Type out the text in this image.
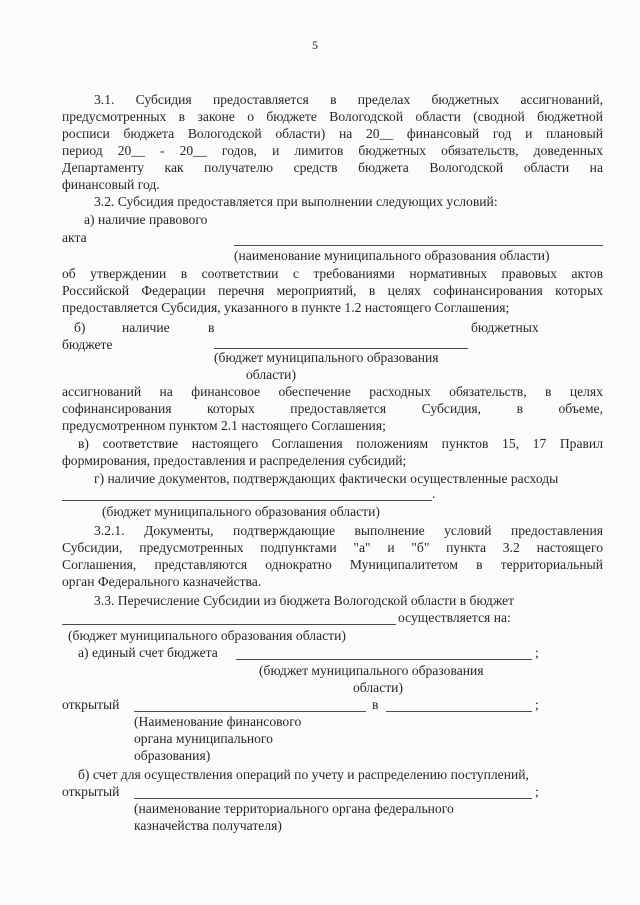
5
3.1. Субсидия предоставляется в пределах бюджетных ассигнований,
предусмотренных в законе о бюджете Вологодской области (сводной бюджетной
росписи бюджета Вологодской области) на 20__ финансовый год и плановый
период 20__ - 20__ годов, и лимитов бюджетных обязательств, доведенных
Департаменту как получателю средств бюджета Вологодской области на
финансовый год.
3.2. Субсидия предоставляется при выполнении следующих условий:
а) наличие правового
акта
(наименование муниципального образования области)
об утверждении в соответствии с требованиями нормативных правовых актов
Российской Федерации перечня мероприятий, в целях софинансирования которых
предоставляется Субсидия, указанного в пункте 1.2 настоящего Соглашения;
б)	наличие	в	бюджетных
бюджете
(бюджет муниципального образования
области)
ассигнований на финансовое обеспечение расходных обязательств, в целях
софинансирования которых предоставляется Субсидия, в объеме,
предусмотренном пунктом 2.1 настоящего Соглашения;
в) соответствие настоящего Соглашения положениям пунктов 15, 17 Правил
формирования, предоставления и распределения субсидий;
г) наличие документов, подтверждающих фактически осуществленные расходы
.
(бюджет муниципального образования области)
3.2.1. Документы, подтверждающие выполнение условий предоставления
Субсидии, предусмотренных подпунктами "а" и "б" пункта 3.2 настоящего
Соглашения, представляются однократно Муниципалитетом в территориальный
орган Федерального казначейства.
3.3. Перечисление Субсидии из бюджета Вологодской области в бюджет
осуществляется на:
(бюджет муниципального образования области)
а) единый счет бюджета	;
(бюджет муниципального образования
области)
открытый	в	;
(Наименование финансового
органа муниципального
образования)
б) счет для осуществления операций по учету и распределению поступлений,
открытый	;
(наименование территориального органа федерального
казначейства получателя)
